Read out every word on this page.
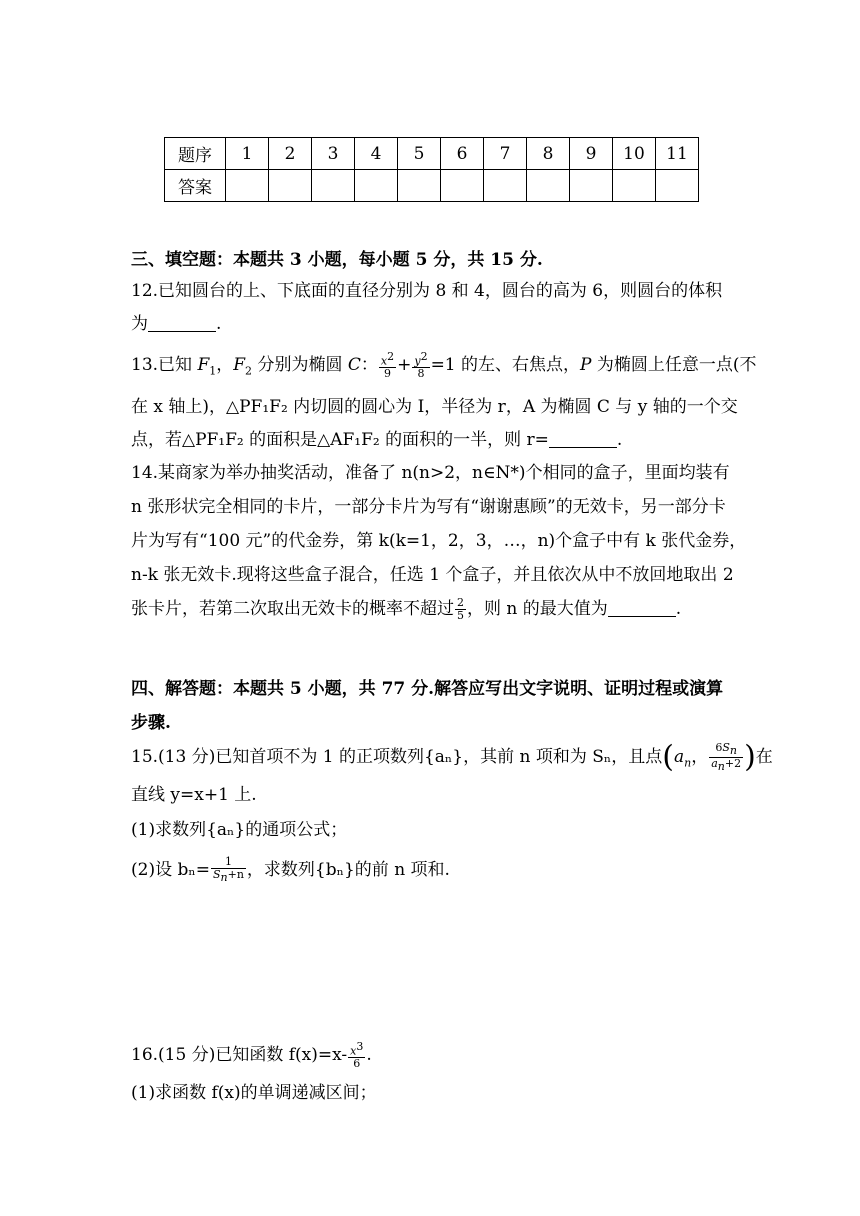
题序	1	2	3	4	5	6	7	8	9	10	11
答案											
三、填空题：本题共 3 小题，每小题 5 分，共 15 分.
12.已知圆台的上、下底面的直径分别为 8 和 4，圆台的高为 6，则圆台的体积
为	.
13.已知 $F_1$，$F_2$ 分别为椭圆 C： $\frac{x^2}{9} + \frac{y^2}{8} =1$ 的左、右焦点，P 为椭圆上任意一点(不
在 x 轴上)，△PF₁F₂ 内切圆的圆心为 I，半径为 r，A 为椭圆 C 与 y 轴的一个交
点，若△PF₁F₂ 的面积是△AF₁F₂ 的面积的一半，则 r=	.
14.某商家为举办抽奖活动，准备了 n(n>2，n∈N*)个相同的盒子，里面均装有
n 张形状完全相同的卡片，一部分卡片为写有“谢谢惠顾”的无效卡，另一部分卡
片为写有“100 元”的代金券，第 k(k=1，2，3，…，n)个盒子中有 k 张代金券，
n-k 张无效卡.现将这些盒子混合，任选 1 个盒子，并且依次从中不放回地取出 2
张卡片，若第二次取出无效卡的概率不超过 $\frac{2}{5}$ ，则 n 的最大值为	.
四、解答题：本题共 5 小题，共 77 分.解答应写出文字说明、证明过程或演算
步骤.
15.(13 分)已知首项不为 1 的正项数列{aₙ}，其前 n 项和为 Sₙ，且点($a_n$， $\frac{6S_n}{a_n+2}$ )在
直线 y=x+1 上.
(1)求数列{aₙ}的通项公式；
(2)设 $b_n= \frac{1}{S_n+n}$ ，求数列{bₙ}的前 n 项和.
16.(15 分)已知函数 $f(x)=x- \frac{x^3}{6}$ .
(1)求函数 f(x)的单调递减区间；
